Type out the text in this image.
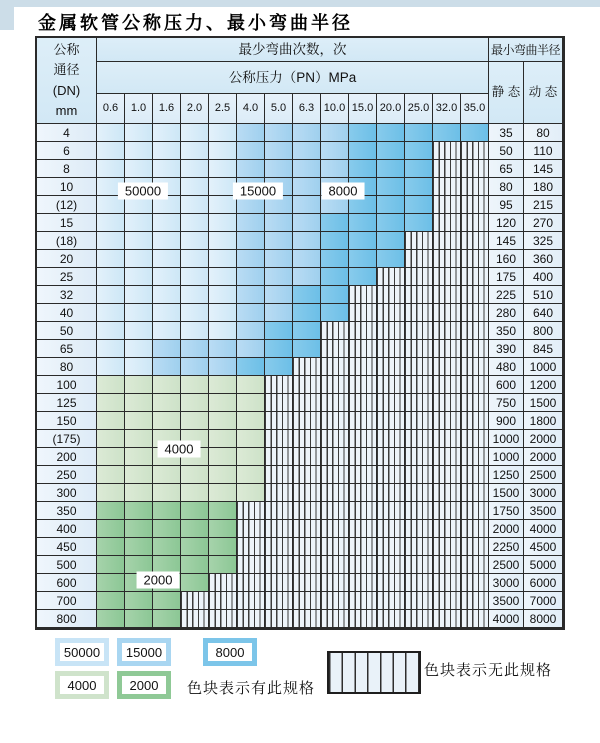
金属软管公称压力、最小弯曲半径
公称
通径
(DN)
mm
最少弯曲次数，次	最小弯曲半径
公称压力（PN）MPa
静 态 动 态
0.6	1.0	1.6	2.0	2.5	4.0	5.0	6.3 10.0 15.0 20.0 25.0 32.0 35.0
4	35	80
6	50	110
8	65	145
10	80	180
(12)	95	215
15	120	270
(18)	145	325
20	160	360
25	175	400
32	225	510
40	280	640
50	350	800
65	390	845
80	480	1000
100	600	1200
125	750	1500
150	900	1800
(175)	1000 2000
200	1000 2000
250	1250 2500
300	1500 3000
350	1750 3500
400	2000 4000
450	2250 4500
500	2500 5000
600	3000 6000
700	3500 7000
800	4000 8000
50000	15000	8000
4000
2000
色块表示有此规格
色块表示无此规格
50000	15000	8000
4000	2000
